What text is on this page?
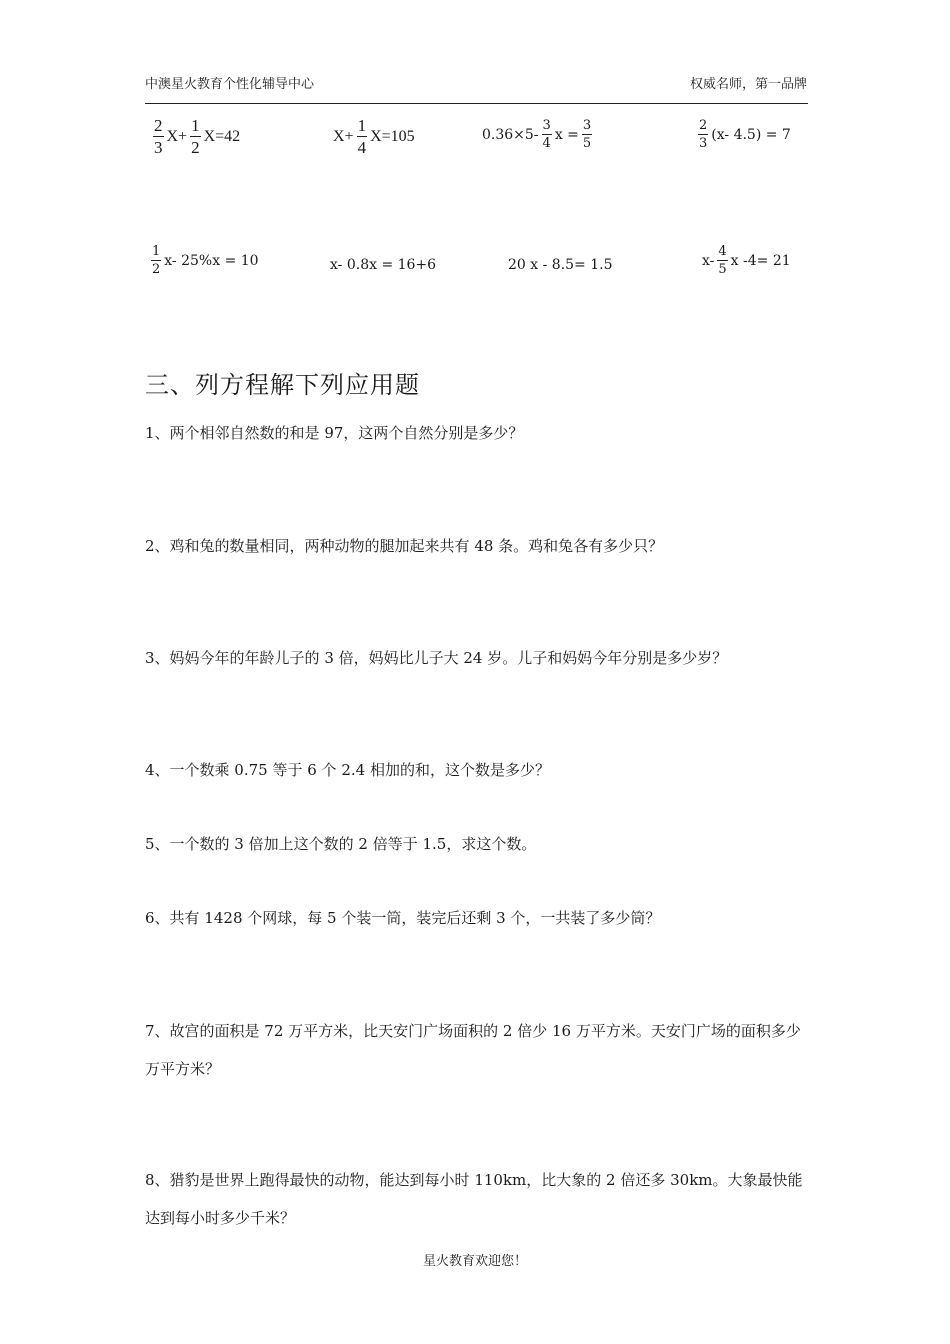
中澳星火教育个性化辅导中心	权威名师，第一品牌
$\frac{2}{3} X+ \frac{1}{2} X=42$	$X+ \frac{1}{4} X=105$	$0.36\times 5- \frac{3}{4}$ $x = \frac{3}{5}$	$\frac{2}{3} (x-$ 4.5) = 7
$\frac{1}{2} x-$ 25%x = 10	x- 0.8x = 16+6	20 x - 8.5= 1.5	$x- \frac{4}{5}$ x -4= 21
三、列方程解下列应用题
1、两个相邻自然数的和是 97，这两个自然分别是多少？
2、鸡和兔的数量相同，两种动物的腿加起来共有 48 条。鸡和兔各有多少只？
3、妈妈今年的年龄儿子的 3 倍，妈妈比儿子大 24 岁。儿子和妈妈今年分别是多少岁？
4、一个数乘 0.75 等于 6 个 2.4 相加的和，这个数是多少？
5、一个数的 3 倍加上这个数的 2 倍等于 1.5，求这个数。
6、共有 1428 个网球，每 5 个装一筒，装完后还剩 3 个，一共装了多少筒？
7、故宫的面积是 72 万平方米，比天安门广场面积的 2 倍少 16 万平方米。天安门广场的面积多少万平方米？
8、猎豹是世界上跑得最快的动物，能达到每小时 110km，比大象的 2 倍还多 30km。大象最快能达到每小时多少千米？
星火教育欢迎您！
